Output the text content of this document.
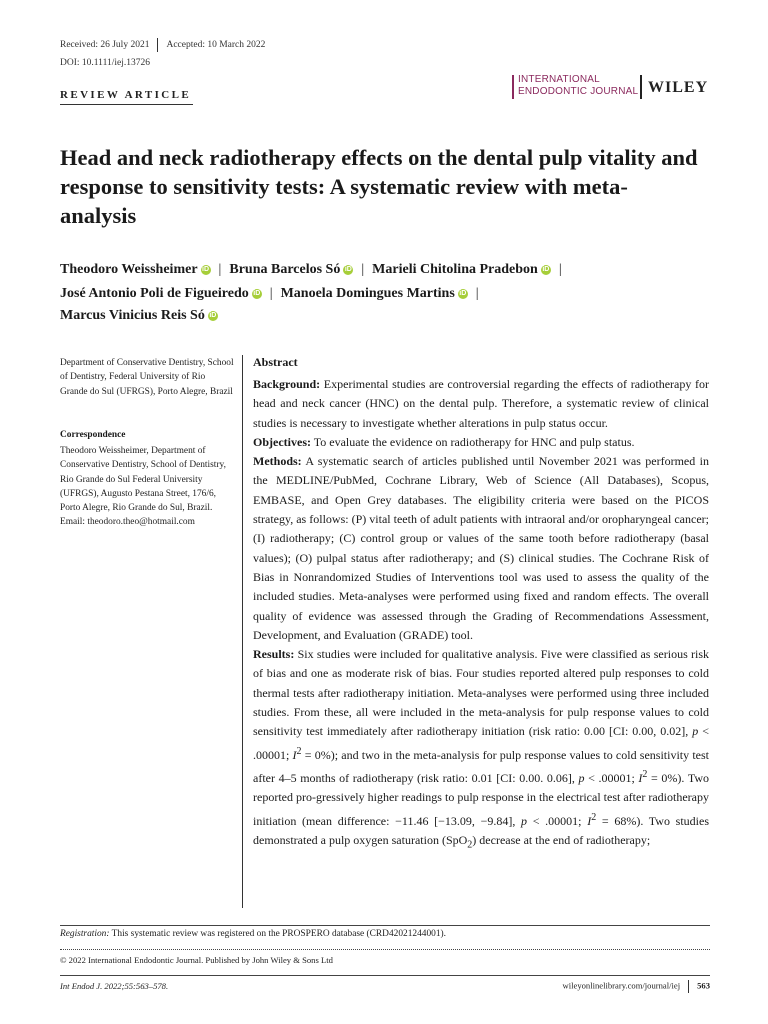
Received: 26 July 2021 Accepted: 10 March 2022
DOI: 10.1111/iej.13726
REVIEW ARTICLE
INTERNATIONAL
ENDODONTIC JOURNAL WILEY
Head and neck radiotherapy effects on the dental pulp vitality and response to sensitivity tests: A systematic review with meta-analysis
Theodoro Weissheimer iD | Bruna Barcelos Só iD | Marieli Chitolina Pradebon iD |
José Antonio Poli de Figueiredo iD | Manoela Domingues Martins iD |
Marcus Vinicius Reis Só iD
Department of Conservative Dentistry, School of Dentistry, Federal University of Rio Grande do Sul (UFRGS), Porto Alegre, Brazil
Correspondence
Theodoro Weissheimer, Department of Conservative Dentistry, School of Dentistry, Rio Grande do Sul Federal University (UFRGS), Augusto Pestana Street, 176/6, Porto Alegre, Rio Grande do Sul, Brazil.
Email: theodoro.theo@hotmail.com
Abstract

Background: Experimental studies are controversial regarding the effects of radiotherapy for head and neck cancer (HNC) on the dental pulp. Therefore, a systematic review of clinical studies is necessary to investigate whether alterations in pulp status occur.

Objectives: To evaluate the evidence on radiotherapy for HNC and pulp status.

Methods: A systematic search of articles published until November 2021 was performed in the MEDLINE/PubMed, Cochrane Library, Web of Science (All Databases), Scopus, EMBASE, and Open Grey databases. The eligibility criteria were based on the PICOS strategy, as follows: (P) vital teeth of adult patients with intraoral and/or oropharyngeal cancer; (I) radiotherapy; (C) control group or values of the same tooth before radiotherapy (basal values); (O) pulpal status after radiotherapy; and (S) clinical studies. The Cochrane Risk of Bias in Nonrandomized Studies of Interventions tool was used to assess the quality of the included studies. Meta-analyses were performed using fixed and random effects. The overall quality of evidence was assessed through the Grading of Recommendations Assessment, Development, and Evaluation (GRADE) tool.

Results: Six studies were included for qualitative analysis. Five were classified as serious risk of bias and one as moderate risk of bias. Four studies reported altered pulp responses to cold thermal tests after radiotherapy initiation. Meta-analyses were performed using three included studies. From these, all were included in the meta-analysis for pulp response values to cold sensitivity test immediately after radiotherapy initiation (risk ratio: 0.00 [CI: 0.00, 0.02], p < .00001; $I^2 = 0\%$); and two in the meta-analysis for pulp response values to cold sensitivity test after 4–5 months of radiotherapy (risk ratio: 0.01 [CI: 0.00. 0.06], p < .00001; $I^2 = 0\%$). Two reported pro-gressively higher readings to pulp response in the electrical test after radiotherapy initiation (mean difference: −11.46 [−13.09, −9.84], p < .00001; $I^2 = 68\%$). Two studies demonstrated a pulp oxygen saturation (SpO$_2$) decrease at the end of radiotherapy;

Registration: This systematic review was registered on the PROSPERO database (CRD42021244001).
© 2022 International Endodontic Journal. Published by John Wiley & Sons Ltd
Int Endod J. 2022;55:563–578.	wileyonlinelibrary.com/journal/iej 563
